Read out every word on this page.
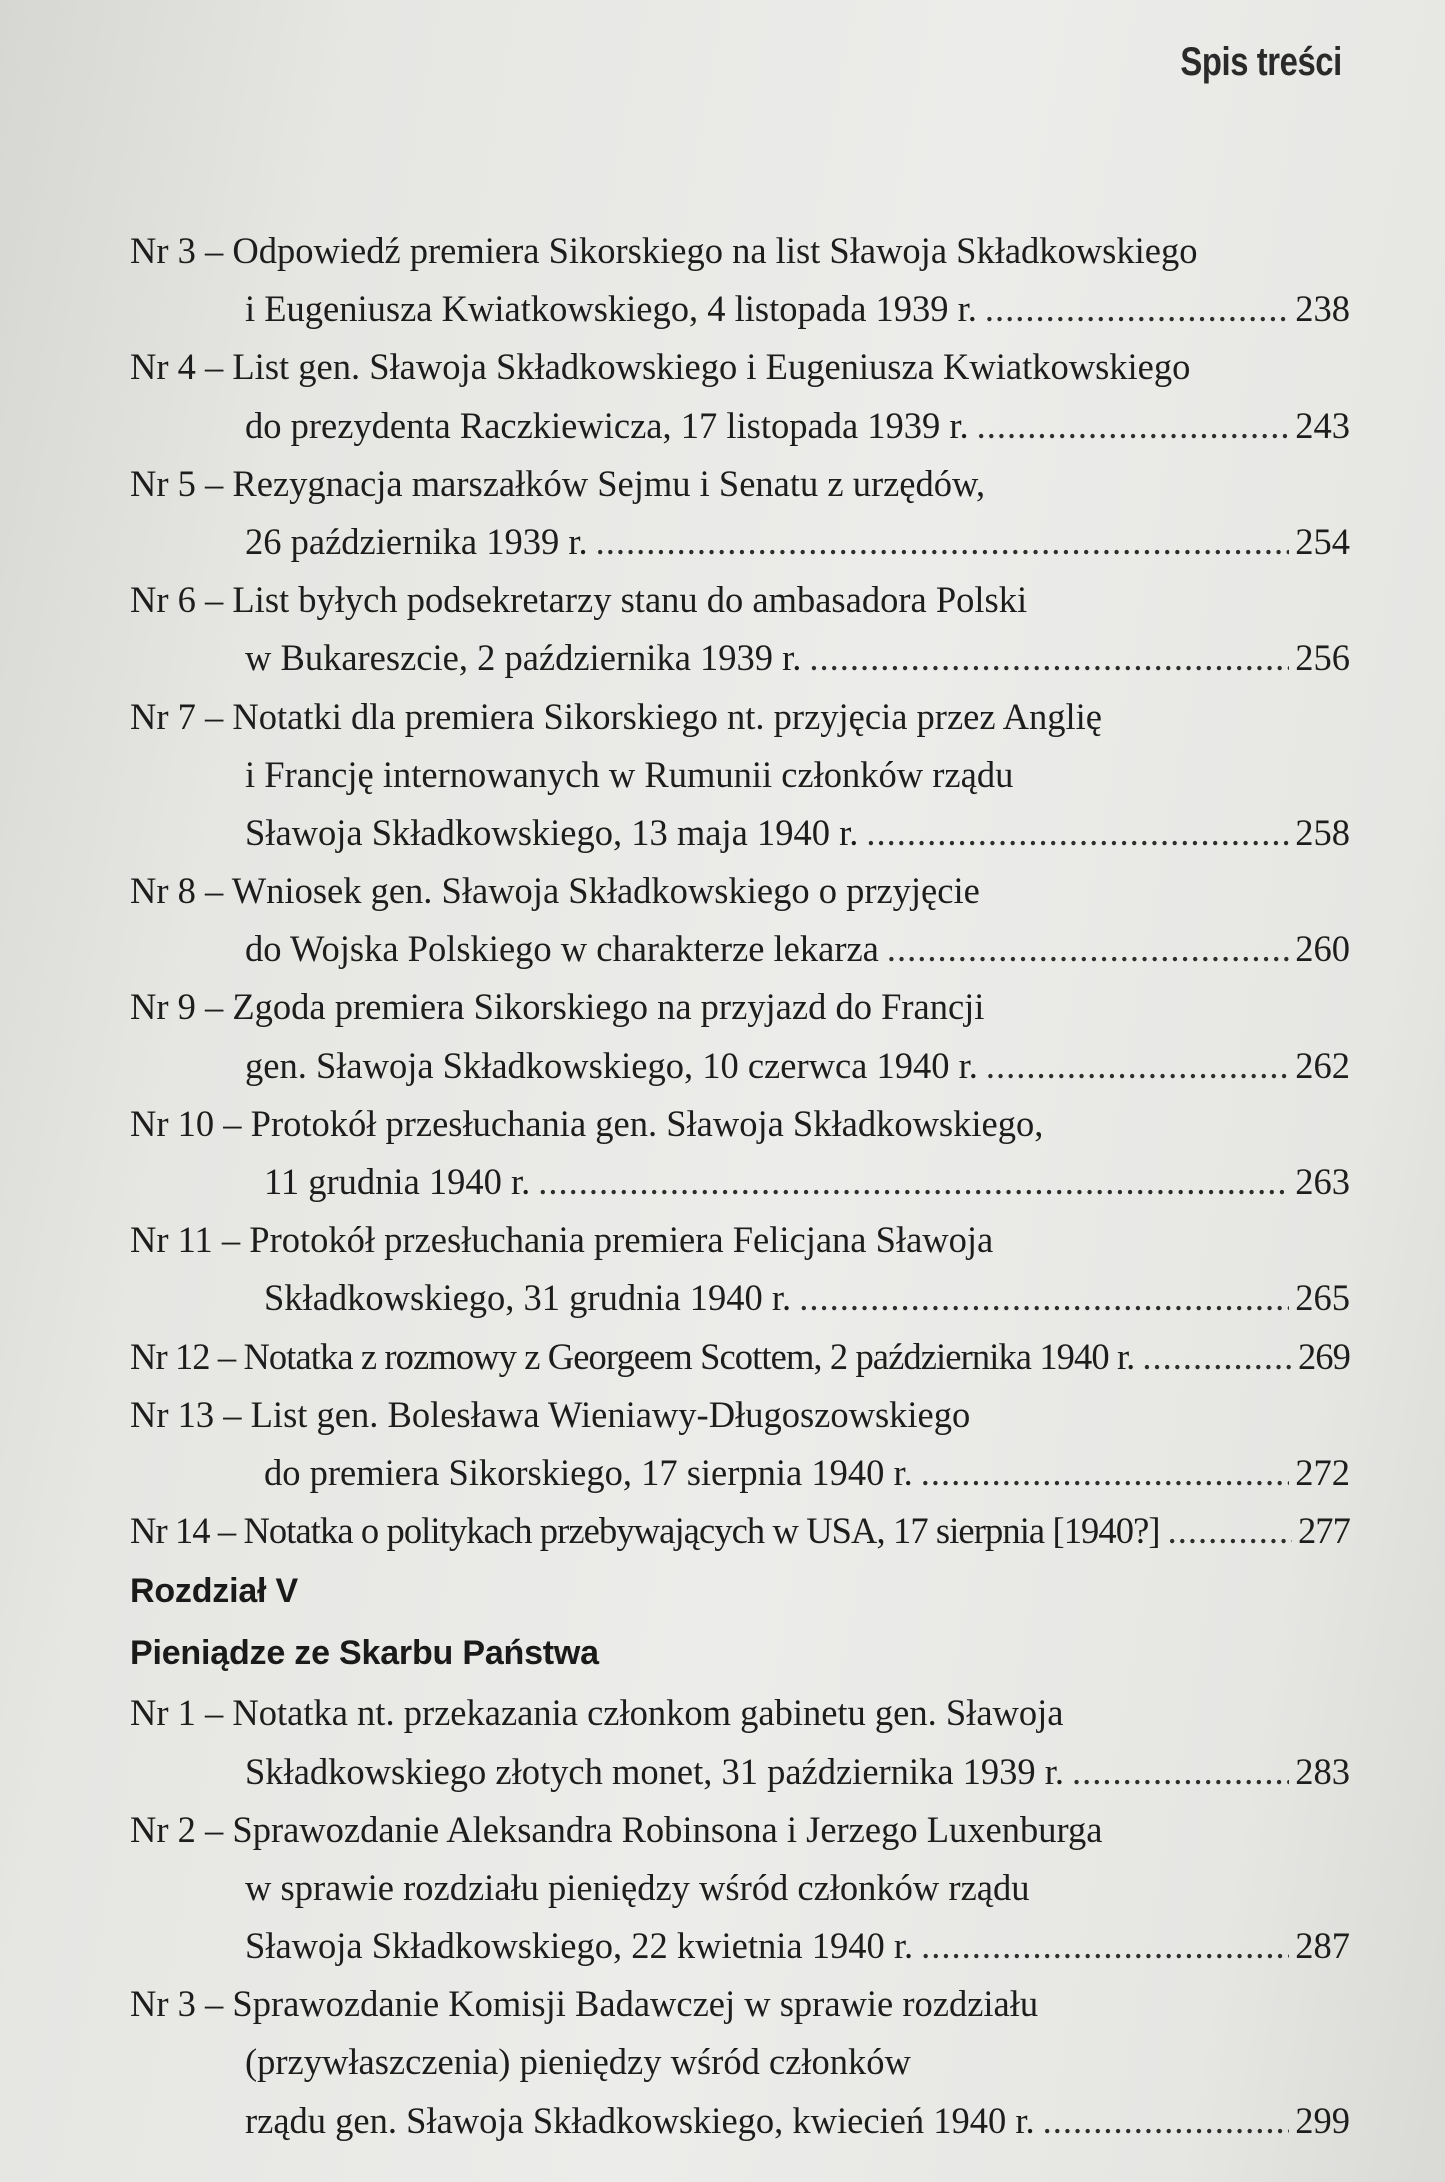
Spis treści
Nr 3 – Odpowiedź premiera Sikorskiego na list Sławoja Składkowskiego
i Eugeniusza Kwiatkowskiego, 4 listopada 1939 r. .....	238
Nr 4 – List gen. Sławoja Składkowskiego i Eugeniusza Kwiatkowskiego
do prezydenta Raczkiewicza, 17 listopada 1939 r. .....	243
Nr 5 – Rezygnacja marszałków Sejmu i Senatu z urzędów,
26 października 1939 r. .....	254
Nr 6 – List byłych podsekretarzy stanu do ambasadora Polski
w Bukareszcie, 2 października 1939 r. .....	256
Nr 7 – Notatki dla premiera Sikorskiego nt. przyjęcia przez Anglię
i Francję internowanych w Rumunii członków rządu
Sławoja Składkowskiego, 13 maja 1940 r. .....	258
Nr 8 – Wniosek gen. Sławoja Składkowskiego o przyjęcie
do Wojska Polskiego w charakterze lekarza .....	260
Nr 9 – Zgoda premiera Sikorskiego na przyjazd do Francji
gen. Sławoja Składkowskiego, 10 czerwca 1940 r. .....	262
Nr 10 – Protokół przesłuchania gen. Sławoja Składkowskiego,
11 grudnia 1940 r. .....	263
Nr 11 – Protokół przesłuchania premiera Felicjana Sławoja
Składkowskiego, 31 grudnia 1940 r. .....	265
Nr 12 – Notatka z rozmowy z Georgeem Scottem, 2 października 1940 r. .....	269
Nr 13 – List gen. Bolesława Wieniawy-Długoszowskiego
do premiera Sikorskiego, 17 sierpnia 1940 r. .....	272
Nr 14 – Notatka o politykach przebywających w USA, 17 sierpnia [1940?] .....	277
Rozdział V
Pieniądze ze Skarbu Państwa
Nr 1 – Notatka nt. przekazania członkom gabinetu gen. Sławoja
Składkowskiego złotych monet, 31 października 1939 r. .....	283
Nr 2 – Sprawozdanie Aleksandra Robinsona i Jerzego Luxenburga
w sprawie rozdziału pieniędzy wśród członków rządu
Sławoja Składkowskiego, 22 kwietnia 1940 r. .....	287
Nr 3 – Sprawozdanie Komisji Badawczej w sprawie rozdziału
(przywłaszczenia) pieniędzy wśród członków
rządu gen. Sławoja Składkowskiego, kwiecień 1940 r. .....	299
